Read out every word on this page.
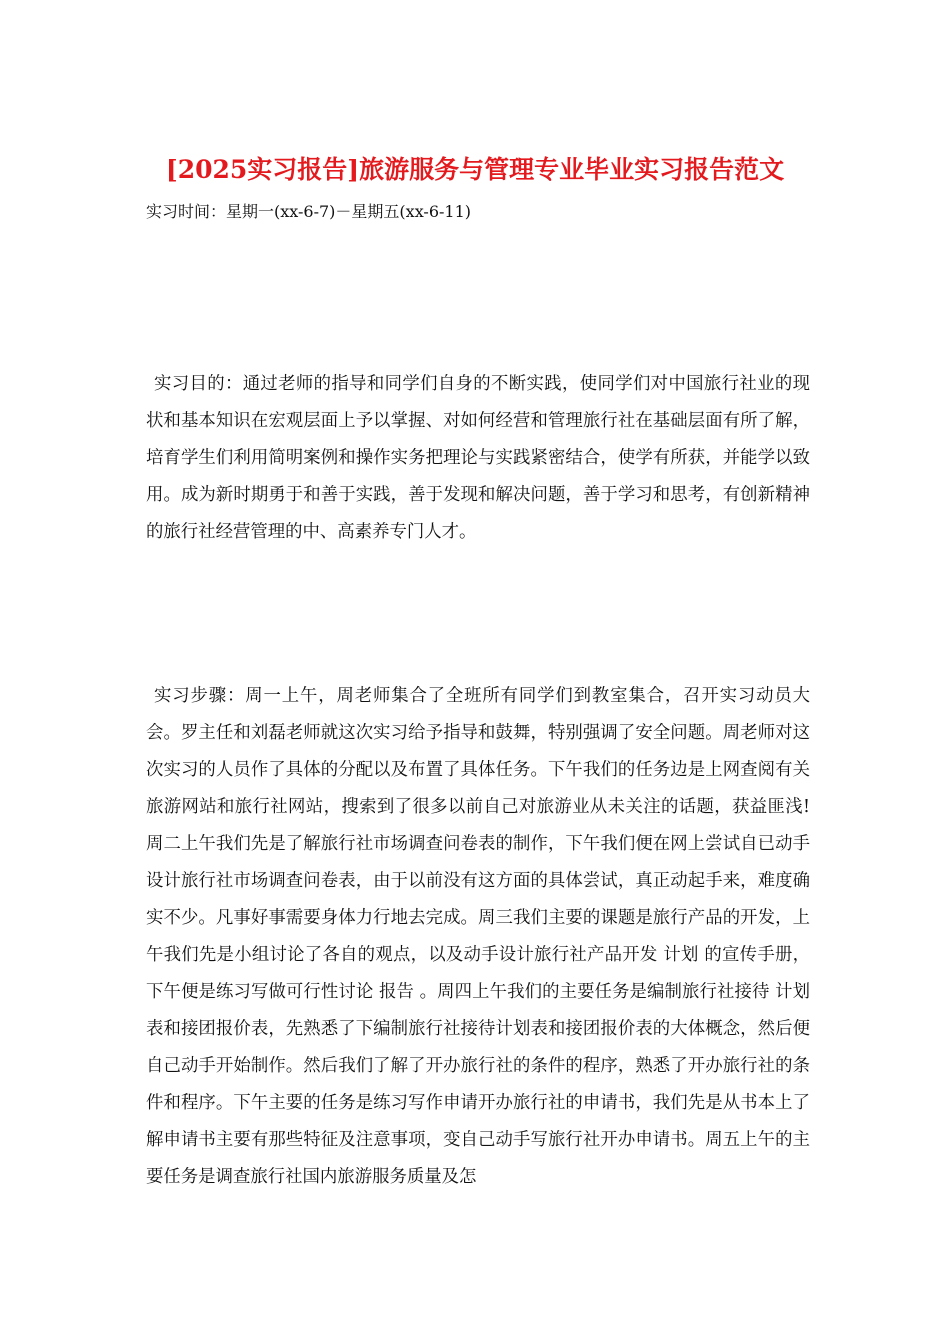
[2025实习报告]旅游服务与管理专业毕业实习报告范文
实习时间：星期一(xx-6-7)－星期五(xx-6-11)

实习目的：通过老师的指导和同学们自身的不断实践，使同学们对中国旅行社业的现状和基本知识在宏观层面上予以掌握、对如何经营和管理旅行社在基础层面有所了解，培育学生们利用简明案例和操作实务把理论与实践紧密结合，使学有所获，并能学以致用。成为新时期勇于和善于实践，善于发现和解决问题，善于学习和思考，有创新精神的旅行社经营管理的中、高素养专门人才。

实习步骤：周一上午，周老师集合了全班所有同学们到教室集合，召开实习动员大会。罗主任和刘磊老师就这次实习给予指导和鼓舞，特别强调了安全问题。周老师对这次实习的人员作了具体的分配以及布置了具体任务。下午我们的任务边是上网查阅有关旅游网站和旅行社网站，搜索到了很多以前自己对旅游业从未关注的话题，获益匪浅!周二上午我们先是了解旅行社市场调查问卷表的制作，下午我们便在网上尝试自已动手设计旅行社市场调查问卷表，由于以前没有这方面的具体尝试，真正动起手来，难度确实不少。凡事好事需要身体力行地去完成。周三我们主要的课题是旅行产品的开发，上午我们先是小组讨论了各自的观点，以及动手设计旅行社产品开发 计划 的宣传手册，下午便是练习写做可行性讨论 报告 。周四上午我们的主要任务是编制旅行社接待 计划 表和接团报价表，先熟悉了下编制旅行社接待计划表和接团报价表的大体概念，然后便自己动手开始制作。然后我们了解了开办旅行社的条件的程序，熟悉了开办旅行社的条件和程序。下午主要的任务是练习写作申请开办旅行社的申请书，我们先是从书本上了解申请书主要有那些特征及注意事项，变自己动手写旅行社开办申请书。周五上午的主要任务是调查旅行社国内旅游服务质量及怎
